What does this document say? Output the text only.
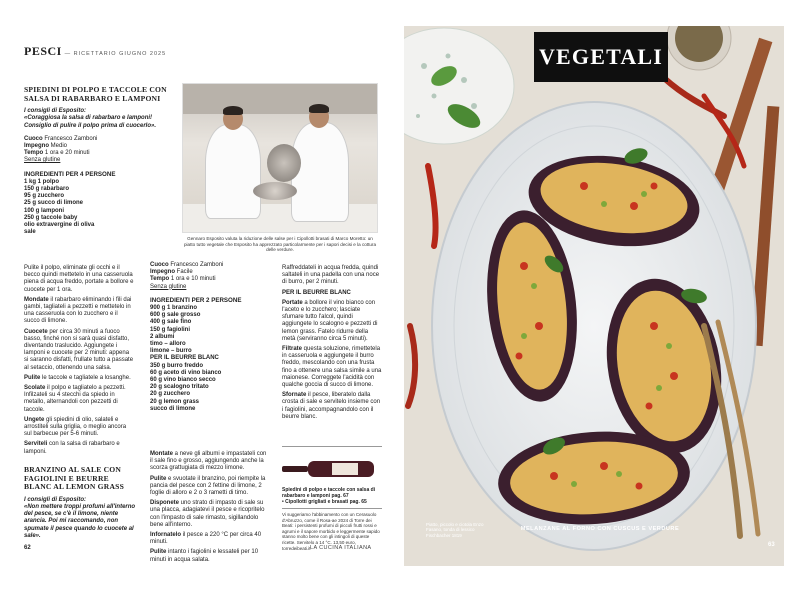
PESCI — RICETTARIO GIUGNO 2025
SPIEDINI DI POLPO E TACCOLE CON SALSA DI RABARBARO E LAMPONI
I consigli di Esposito:
«Coraggiosa la salsa di rabarbaro e lamponi! Consiglio di pulire il polpo prima di cuocerlo».
Cuoco Francesco Zamboni
Impegno Medio
Tempo 1 ora e 20 minuti
Senza glutine
INGREDIENTI PER 4 PERSONE
1 kg 1 polpo
150 g rabarbaro
95 g zucchero
25 g succo di limone
100 g lamponi
250 g taccole baby
olio extravergine di oliva
sale
Pulite il polpo, eliminate gli occhi e il becco quindi mettetelo in una casseruola piena di acqua freddo, portate a bollore e cuocete per 1 ora.
Mondate il rabarbaro eliminando i fili dai gambi, tagliateli a pezzetti e mettetelo in una casseruola con lo zucchero e il succo di limone.
Cuocete per circa 30 minuti a fuoco basso, finché non si sarà quasi disfatto, diventando traslucido. Aggiungete i lamponi e cuocete per 2 minuti: appena si saranno disfatti, frullate tutto a passate al setaccio, ottenendo una salsa.
Pulite le taccole e tagliatele a losanghe.
Scolate il polpo e tagliatelo a pezzetti. Infilzateli su 4 stecchi da spiedo in metallo, alternandoli con pezzetti di taccole.
Ungete gli spiedini di olio, salateli e arrostiteli sulla griglia, o meglio ancora sul barbecue per 5-6 minuti.
Serviteli con la salsa di rabarbaro e lamponi.
BRANZINO AL SALE CON FAGIOLINI E BEURRE BLANC AL LEMON GRASS
I consigli di Esposito:
«Non mettere troppi profumi all'interno del pesce, se c'è il limone, niente arancia. Poi mi raccomando, non spumate il pesce quando lo cuocete al sale».
Gennaro Esposito valuta la riduzione delle salse per i Cipollotti brasati di Marco Moretto: un piatto tutto vegetale che Esposito ha apprezzato particolarmente per i sapori decisi e la cottura delle verdure.
Cuoco Francesco Zamboni
Impegno Facile
Tempo 1 ora e 10 minuti
Senza glutine
INGREDIENTI PER 2 PERSONE
900 g 1 branzino
600 g sale grosso
400 g sale fino
150 g fagiolini
2 albumi
timo – alloro
limone – burro
PER IL BEURRE BLANC
350 g burro freddo
60 g aceto di vino bianco
60 g vino bianco secco
20 g scalogno tritato
20 g zucchero
20 g lemon grass
succo di limone
Montate a neve gli albumi e impastateli con il sale fino e grosso, aggiungendo anche la scorza grattugiata di mezzo limone.
Pulite e svuotate il branzino, poi riempite la pancia del pesce con 2 fettine di limone, 2 foglie di alloro e 2 o 3 rametti di timo.
Disponete uno strato di impasto di sale su una placca, adagiatevi il pesce e ricopritelo con l'impasto di sale rimasto, sigillandolo bene all'interno.
Infornatelo il pesce a 220 °C per circa 40 minuti.
Pulite intanto i fagiolini e lessateli per 10 minuti in acqua salata.
Raffreddateli in acqua fredda, quindi saltateli in una padella con una noce di burro, per 2 minuti.
PER IL BEURRE BLANC
Portate a bollore il vino bianco con l'aceto e lo zucchero; lasciate sfumare tutto l'alcol, quindi aggiungete lo scalogno e pezzetti di lemon grass. Fatelo ridurre della metà (serviranno circa 5 minuti).
Filtrate questa soluzione, rimettetela in casseruola e aggiungete il burro freddo, mescolando con una frusta fino a ottenere una salsa simile a una maionese. Correggete l'acidità con qualche goccia di succo di limone.
Sfornate il pesce, liberatelo dalla crosta di sale e servitelo insieme con i fagiolini, accompagnandolo con il beurre blanc.
Spiedini di polpo e taccole con salsa di rabarbaro e lamponi pag. 67
• Cipollotti grigliati e brasati pag. 65
Vi suggeriamo l'abbinamento con un Cerasuolo d'Abruzzo, come il Rosa-ae 2024 di Torre dei Beati: i persistenti profumi di piccoli frutti rossi e agrumi e il sapore morbido e leggermente sapido stanno molto bene con gli intingoli di queste ricette. Servitelo a 14 °C. 13,50 euro, torredeibeati.it
62	LA CUCINA ITALIANA
VEGETALI
Piatto, piccolo e ciotola Enzo Fasano, tonda di lessico Fischbacher 1819
MELANZANE AL FORNO CON CUSCUS E VERDURE
63
